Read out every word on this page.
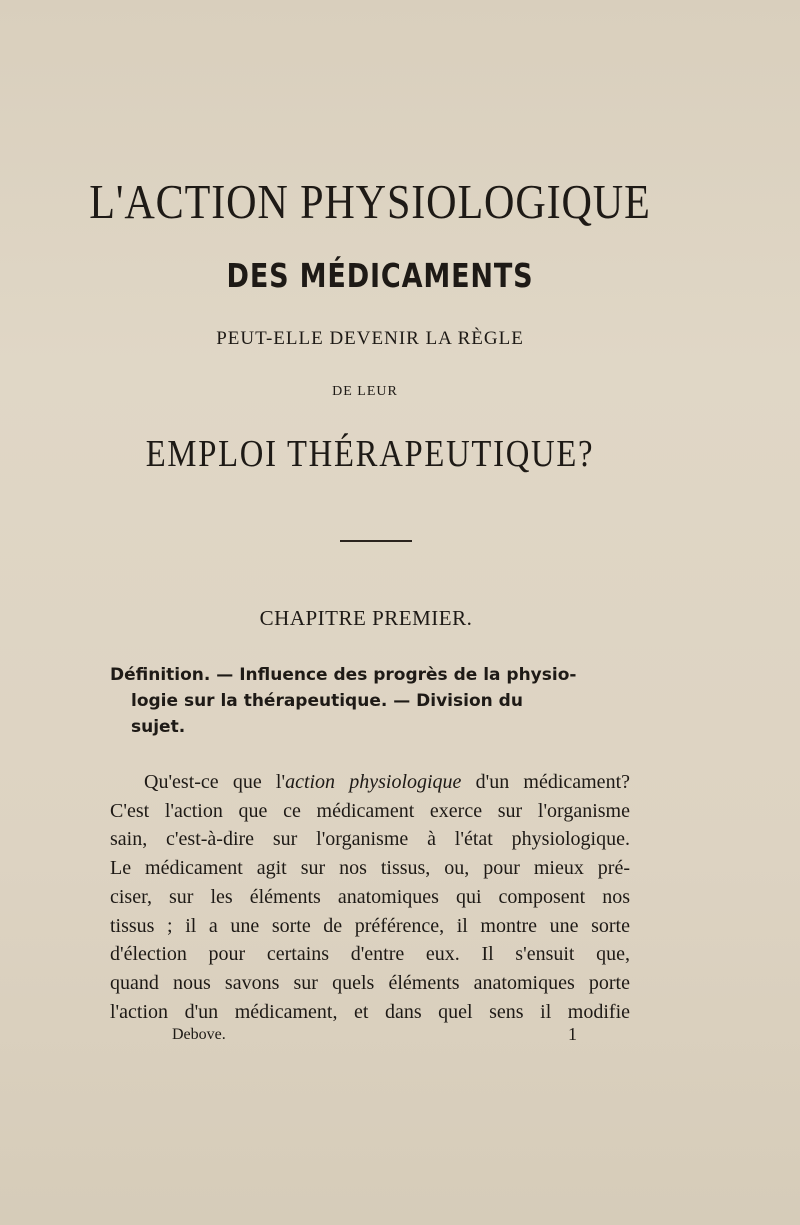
L'ACTION PHYSIOLOGIQUE
DES MÉDICAMENTS
PEUT-ELLE DEVENIR LA RÈGLE
DE LEUR
EMPLOI THÉRAPEUTIQUE?
CHAPITRE PREMIER.
Définition. — Influence des progrès de la physio-
logie sur la thérapeutique. — Division du
sujet.
Qu'est-ce que l'action physiologique d'un médicament?
C'est l'action que ce médicament exerce sur l'organisme
sain, c'est-à-dire sur l'organisme à l'état physiologique.
Le médicament agit sur nos tissus, ou, pour mieux pré-
ciser, sur les éléments anatomiques qui composent nos
tissus ; il a une sorte de préférence, il montre une sorte
d'élection pour certains d'entre eux. Il s'ensuit que,
quand nous savons sur quels éléments anatomiques porte
l'action d'un médicament, et dans quel sens il modifie
Debove.	1
